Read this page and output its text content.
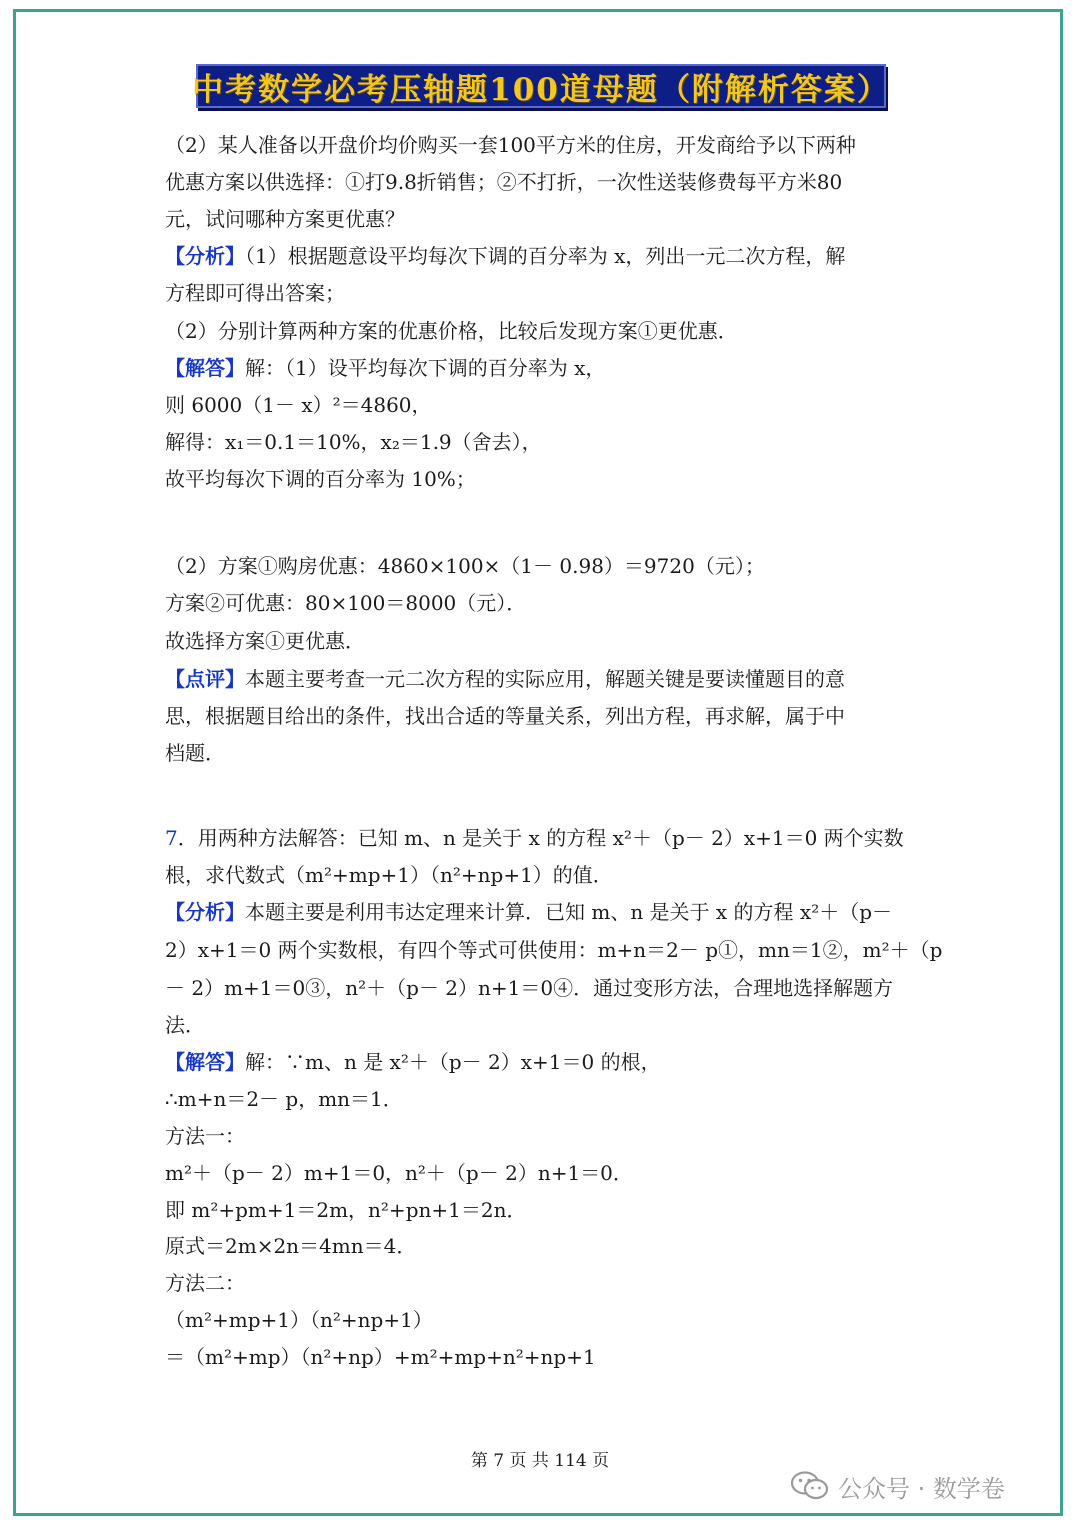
中考数学必考压轴题100道母题（附解析答案）
（2）某人准备以开盘价均价购买一套100平方米的住房，开发商给予以下两种
优惠方案以供选择：①打9.8折销售；②不打折，一次性送装修费每平方米80
元，试问哪种方案更优惠？
【分析】（1）根据题意设平均每次下调的百分率为 x，列出一元二次方程，解
方程即可得出答案；
（2）分别计算两种方案的优惠价格，比较后发现方案①更优惠．
【解答】解：（1）设平均每次下调的百分率为 x，
则 6000（1－ x）²＝4860，
解得：x₁＝0.1＝10%，x₂＝1.9（舍去），
故平均每次下调的百分率为 10%；
（2）方案①购房优惠：4860×100×（1－ 0.98）＝9720（元）；
方案②可优惠：80×100＝8000（元）．
故选择方案①更优惠．
【点评】本题主要考查一元二次方程的实际应用，解题关键是要读懂题目的意
思，根据题目给出的条件，找出合适的等量关系，列出方程，再求解，属于中
档题．
7．用两种方法解答：已知 m、n 是关于 x 的方程 x²＋（p－ 2）x+1＝0 两个实数
根，求代数式（m²+mp+1）（n²+np+1）的值．
【分析】本题主要是利用韦达定理来计算．已知 m、n 是关于 x 的方程 x²＋（p－
2）x+1＝0 两个实数根，有四个等式可供使用：m+n＝2－ p①，mn＝1②，m²＋（p
－ 2）m+1＝0③，n²＋（p－ 2）n+1＝0④．通过变形方法，合理地选择解题方
法．
【解答】解：∵m、n 是 x²＋（p－ 2）x+1＝0 的根，
∴m+n＝2－ p，mn＝1．
方法一：
m²＋（p－ 2）m+1＝0，n²＋（p－ 2）n+1＝0．
即 m²+pm+1＝2m，n²+pn+1＝2n．
原式＝2m×2n＝4mn＝4．
方法二：
（m²+mp+1）（n²+np+1）
＝（m²+mp）（n²+np）+m²+mp+n²+np+1
第 7 页 共 114 页
公众号 · 数学卷
